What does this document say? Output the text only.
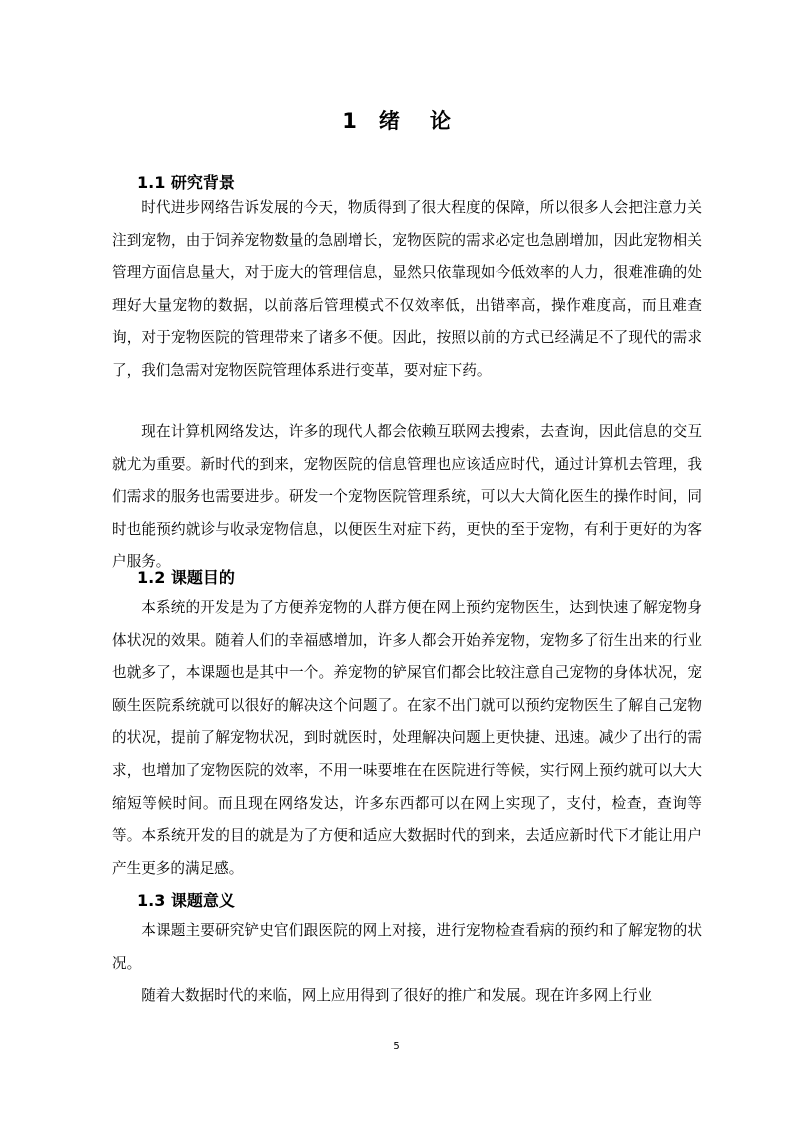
1 绪 论
1.1 研究背景

时代进步网络告诉发展的今天，物质得到了很大程度的保障，所以很多人会把注意力关注到宠物，由于饲养宠物数量的急剧增长，宠物医院的需求必定也急剧增加，因此宠物相关管理方面信息量大，对于庞大的管理信息，显然只依靠现如今低效率的人力，很难准确的处理好大量宠物的数据，以前落后管理模式不仅效率低，出错率高，操作难度高，而且难查询，对于宠物医院的管理带来了诸多不便。因此，按照以前的方式已经满足不了现代的需求了，我们急需对宠物医院管理体系进行变革，要对症下药。

现在计算机网络发达，许多的现代人都会依赖互联网去搜索，去查询，因此信息的交互就尤为重要。新时代的到来，宠物医院的信息管理也应该适应时代，通过计算机去管理，我们需求的服务也需要进步。研发一个宠物医院管理系统，可以大大简化医生的操作时间，同时也能预约就诊与收录宠物信息，以便医生对症下药，更快的至于宠物，有利于更好的为客户服务。

1.2 课题目的

本系统的开发是为了方便养宠物的人群方便在网上预约宠物医生，达到快速了解宠物身体状况的效果。随着人们的幸福感增加，许多人都会开始养宠物，宠物多了衍生出来的行业也就多了，本课题也是其中一个。养宠物的铲屎官们都会比较注意自己宠物的身体状况，宠颐生医院系统就可以很好的解决这个问题了。在家不出门就可以预约宠物医生了解自己宠物的状况，提前了解宠物状况，到时就医时，处理解决问题上更快捷、迅速。减少了出行的需求，也增加了宠物医院的效率，不用一味要堆在在医院进行等候，实行网上预约就可以大大缩短等候时间。而且现在网络发达，许多东西都可以在网上实现了，支付，检查，查询等等。本系统开发的目的就是为了方便和适应大数据时代的到来，去适应新时代下才能让用户产生更多的满足感。

1.3 课题意义

本课题主要研究铲史官们跟医院的网上对接，进行宠物检查看病的预约和了解宠物的状况。

随着大数据时代的来临，网上应用得到了很好的推广和发展。现在许多网上行业

5
